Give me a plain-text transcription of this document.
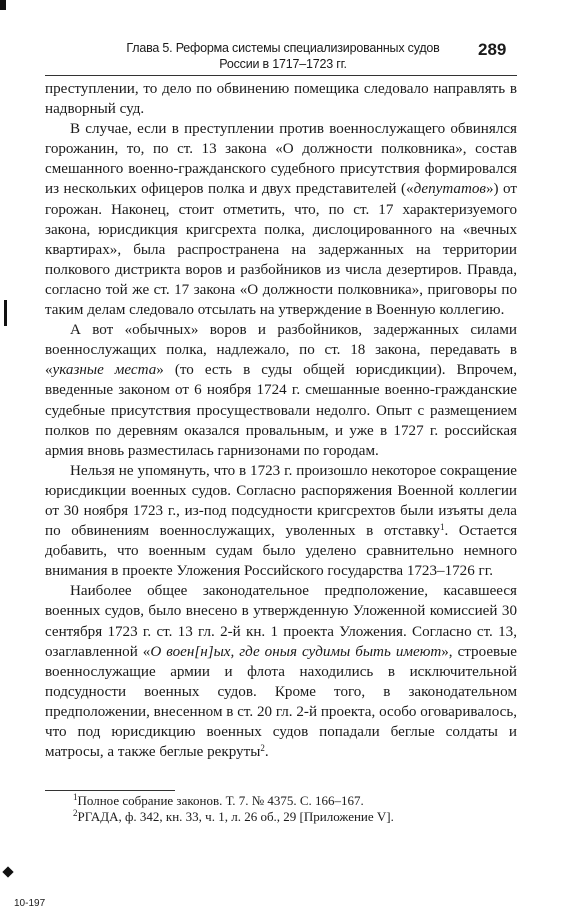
Глава 5. Реформа системы специализированных судов
России в 1717–1723 гг.
289

преступлении, то дело по обвинению помещика следовало направлять в надворный суд.

В случае, если в преступлении против военнослужащего обвинялся горожанин, то, по ст. 13 закона «О должности полковника», состав смешанного военно-гражданского судебного присутствия формировался из нескольких офицеров полка и двух представителей («депутатов») от горожан. Наконец, стоит отметить, что, по ст. 17 характеризуемого закона, юрисдикция кригсрехта полка, дислоцированного на «вечных квартирах», была распространена на задержанных на территории полкового дистрикта воров и разбойников из числа дезертиров. Правда, согласно той же ст. 17 закона «О должности полковника», приговоры по таким делам следовало отсылать на утверждение в Военную коллегию.

А вот «обычных» воров и разбойников, задержанных силами военнослужащих полка, надлежало, по ст. 18 закона, передавать в «указные места» (то есть в суды общей юрисдикции). Впрочем, введенные законом от 6 ноября 1724 г. смешанные военно-гражданские судебные присутствия просуществовали недолго. Опыт с размещением полков по деревням оказался провальным, и уже в 1727 г. российская армия вновь разместилась гарнизонами по городам.

Нельзя не упомянуть, что в 1723 г. произошло некоторое сокращение юрисдикции военных судов. Согласно распоряжения Военной коллегии от 30 ноября 1723 г., из-под подсудности кригсрехтов были изъяты дела по обвинениям военнослужащих, уволенных в отставку$^1$. Остается добавить, что военным судам было уделено сравнительно немного внимания в проекте Уложения Российского государства 1723–1726 гг.

Наиболее общее законодательное предположение, касавшееся военных судов, было внесено в утвержденную Уложенной комиссией 30 сентября 1723 г. ст. 13 гл. 2-й кн. 1 проекта Уложения. Согласно ст. 13, озаглавленной «О воен[н]ых, где оныя судимы быть имеют», строевые военнослужащие армии и флота находились в исключительной подсудности военных судов. Кроме того, в законодательном предположении, внесенном в ст. 20 гл. 2-й проекта, особо оговаривалось, что под юрисдикцию военных судов попадали беглые солдаты и матросы, а также беглые рекруты$^2$.

$^1$Полное собрание законов. Т. 7. № 4375. С. 166–167.

$^2$РГАДА, ф. 342, кн. 33, ч. 1, л. 26 об., 29 [Приложение V].

10-197
